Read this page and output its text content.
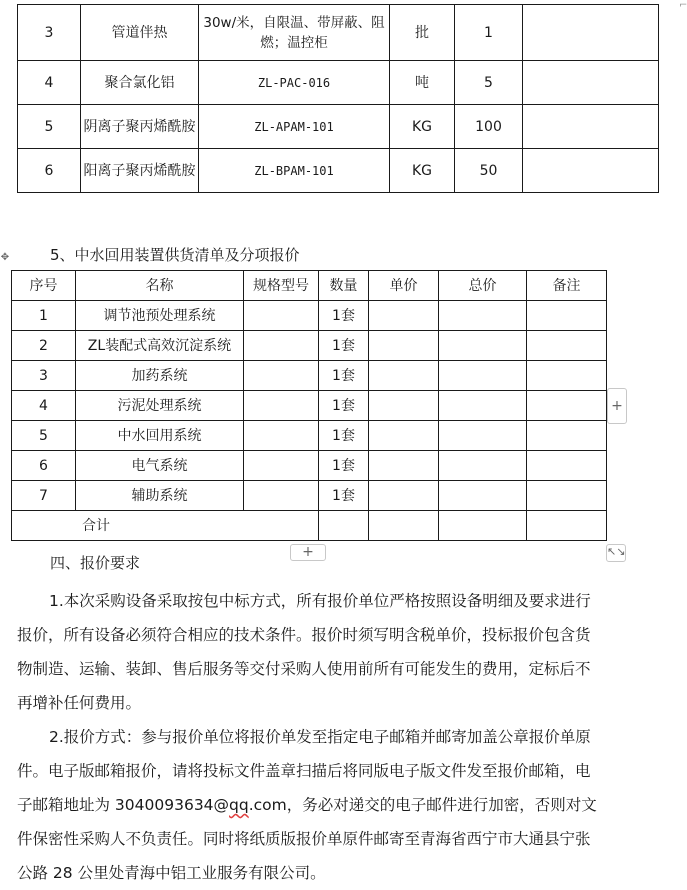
⌐
3	管道伴热	30w/米，自限温、带屏蔽、阻燃；温控柜	批	1	
4	聚合氯化铝	ZL-PAC-016	吨	5	
5	阴离子聚丙烯酰胺	ZL-APAM-101	KG	100	
6	阳离子聚丙烯酰胺	ZL-BPAM-101	KG	50	
✥	5、中水回用装置供货清单及分项报价
序号	名称	规格型号	数量	单价	总价	备注
1	调节池预处理系统		1套			
2	ZL装配式高效沉淀系统		1套			
3	加药系统		1套			
4	污泥处理系统		1套			
5	中水回用系统		1套			
6	电气系统		1套			
7	辅助系统		1套			
合计						
+
+	↖↘
四、报价要求
1.本次采购设备采取按包中标方式，所有报价单位严格按照设备明细及要求进行报价，所有设备必须符合相应的技术条件。报价时须写明含税单价，投标报价包含货物制造、运输、装卸、售后服务等交付采购人使用前所有可能发生的费用，定标后不再增补任何费用。
2.报价方式：参与报价单位将报价单发至指定电子邮箱并邮寄加盖公章报价单原件。电子版邮箱报价，请将投标文件盖章扫描后将同版电子版文件发至报价邮箱，电子邮箱地址为 3040093634@qq.com，务必对递交的电子邮件进行加密，否则对文件保密性采购人不负责任。同时将纸质版报价单原件邮寄至青海省西宁市大通县宁张公路 28 公里处青海中铝工业服务有限公司。
